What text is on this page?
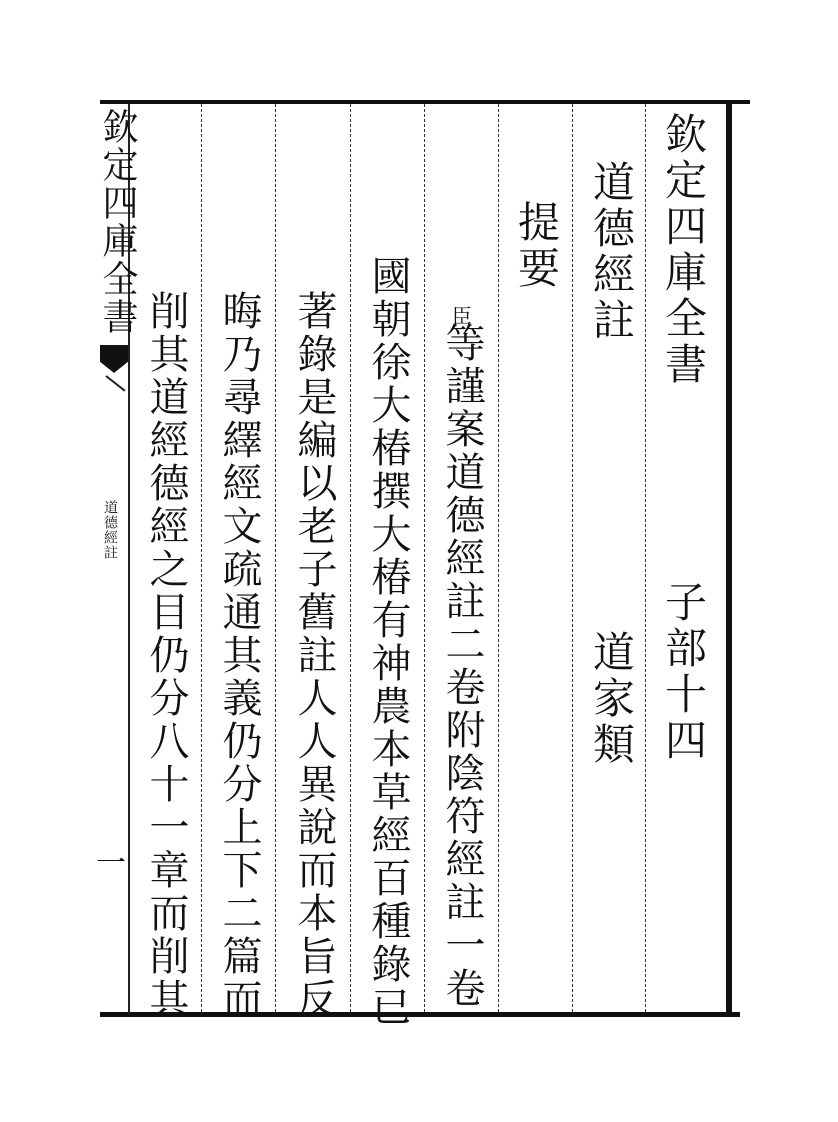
欽定四庫全書
道德經註
一
欽定四庫全書
道德經註
子部十四
道家類
提要
臣
等謹案道德經註二卷附陰符經註一卷
國朝徐大椿撰大椿有神農本草經百種錄已
著錄是編以老子舊註人人異說而本旨反
晦乃尋繹經文疏通其義仍分上下二篇而
削其道經德經之目仍分八十一章而削其
